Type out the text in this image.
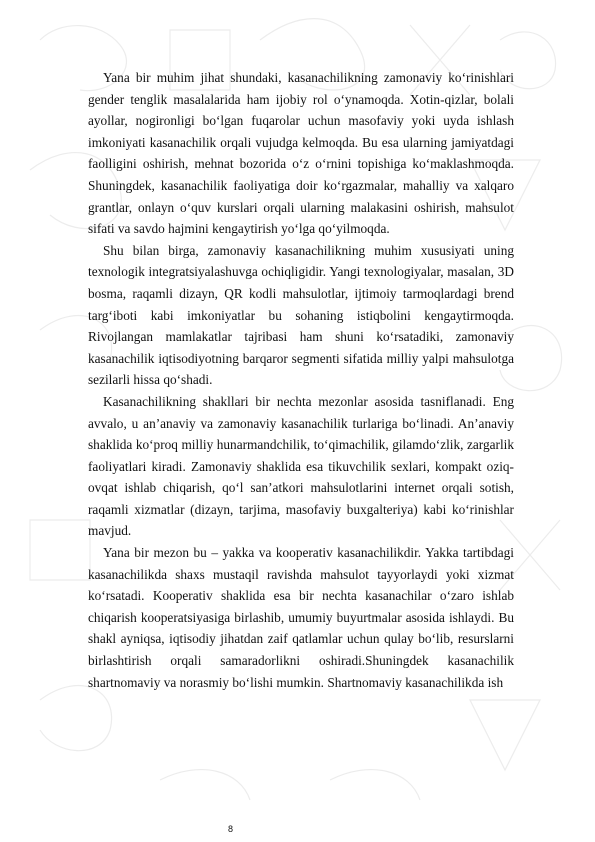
Yana bir muhim jihat shundaki, kasanachilikning zamonaviy ko‘rinishlari gender tenglik masalalarida ham ijobiy rol o‘ynamoqda. Xotin-qizlar, bolali ayollar, nogironligi bo‘lgan fuqarolar uchun masofaviy yoki uyda ishlash imkoniyati kasanachilik orqali vujudga kelmoqda. Bu esa ularning jamiyatdagi faolligini oshirish, mehnat bozorida o‘z o‘rnini topishiga ko‘maklashmoqda. Shuningdek, kasanachilik faoliyatiga doir ko‘rgazmalar, mahalliy va xalqaro grantlar, onlayn o‘quv kurslari orqali ularning malakasini oshirish, mahsulot sifati va savdo hajmini kengaytirish yo‘lga qo‘yilmoqda.

Shu bilan birga, zamonaviy kasanachilikning muhim xususiyati uning texnologik integratsiyalashuvga ochiqligidir. Yangi texnologiyalar, masalan, 3D bosma, raqamli dizayn, QR kodli mahsulotlar, ijtimoiy tarmoqlardagi brend targ‘iboti kabi imkoniyatlar bu sohaning istiqbolini kengaytirmoqda. Rivojlangan mamlakatlar tajribasi ham shuni ko‘rsatadiki, zamonaviy kasanachilik iqtisodiyotning barqaror segmenti sifatida milliy yalpi mahsulotga sezilarli hissa qo‘shadi.

Kasanachilikning shakllari bir nechta mezonlar asosida tasniflanadi. Eng avvalo, u an’anaviy va zamonaviy kasanachilik turlariga bo‘linadi. An’anaviy shaklida ko‘proq milliy hunarmandchilik, to‘qimachilik, gilamdo‘zlik, zargarlik faoliyatlari kiradi. Zamonaviy shaklida esa tikuvchilik sexlari, kompakt oziq-ovqat ishlab chiqarish, qo‘l san’atkori mahsulotlarini internet orqali sotish, raqamli xizmatlar (dizayn, tarjima, masofaviy buxgalteriya) kabi ko‘rinishlar mavjud.

Yana bir mezon bu – yakka va kooperativ kasanachilikdir. Yakka tartibdagi kasanachilikda shaxs mustaqil ravishda mahsulot tayyorlaydi yoki xizmat ko‘rsatadi. Kooperativ shaklida esa bir nechta kasanachilar o‘zaro ishlab chiqarish kooperatsiyasiga birlashib, umumiy buyurtmalar asosida ishlaydi. Bu shakl ayniqsa, iqtisodiy jihatdan zaif qatlamlar uchun qulay bo‘lib, resurslarni birlashtirish orqali samaradorlikni oshiradi.Shuningdek kasanachilik shartnomaviy va norasmiy bo‘lishi mumkin. Shartnomaviy kasanachilikda ish

8
